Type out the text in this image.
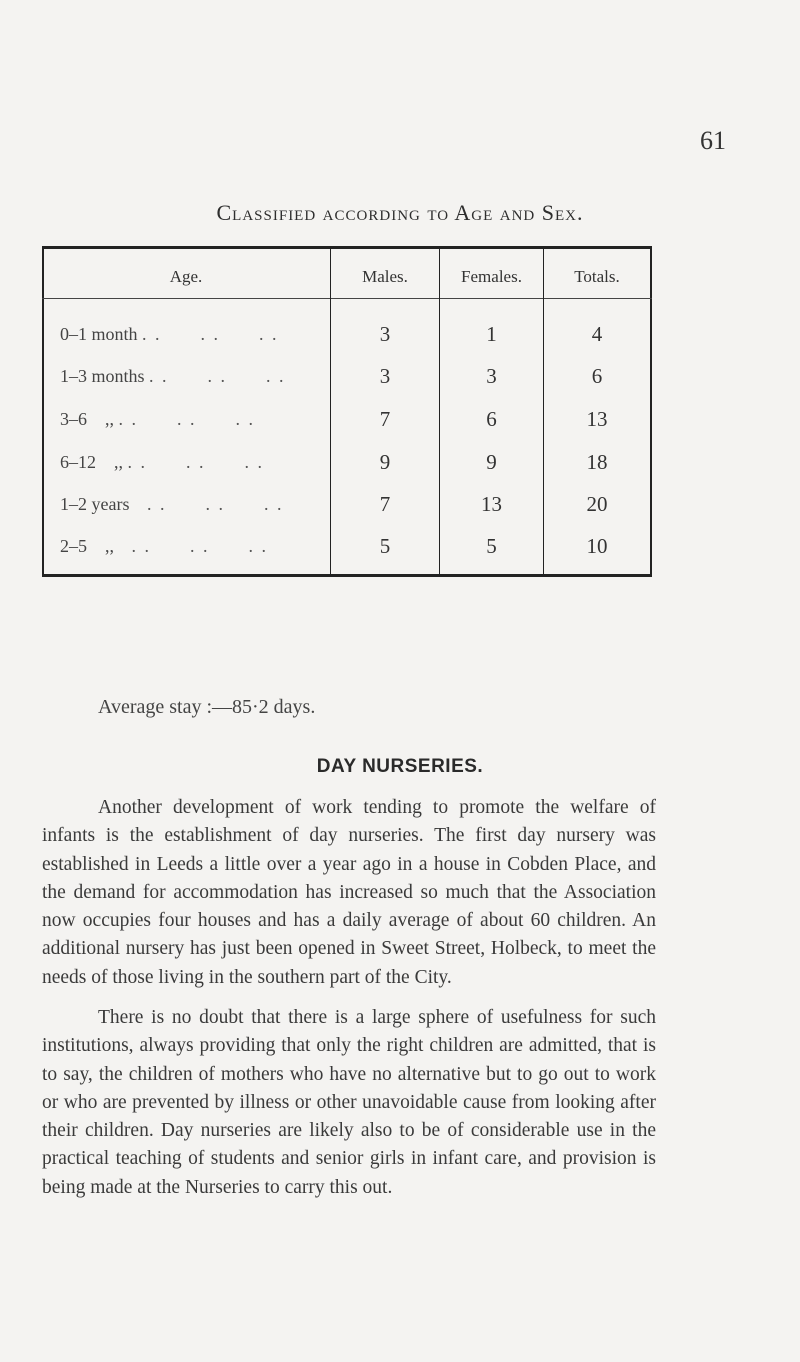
61
Classified according to Age and Sex.
Age.	Males.	Females.	Totals.
0–1 month . .      . .      . .	3	1	4
1–3 months . .      . .      . .	3	3	6
3–6    ,, . .      . .      . .	7	6	13
6–12    ,, . .      . .      . .	9	9	18
1–2 years   . .      . .      . .	7	13	20
2–5    ,,   . .      . .      . .	5	5	10
Average stay :—85·2 days.
DAY NURSERIES.

Another development of work tending to promote the welfare of infants is the establishment of day nurseries. The first day nursery was established in Leeds a little over a year ago in a house in Cobden Place, and the demand for accommodation has increased so much that the Association now occupies four houses and has a daily average of about 60 children. An additional nursery has just been opened in Sweet Street, Holbeck, to meet the needs of those living in the southern part of the City.

There is no doubt that there is a large sphere of usefulness for such institutions, always providing that only the right children are admitted, that is to say, the children of mothers who have no alternative but to go out to work or who are prevented by illness or other unavoidable cause from looking after their children. Day nurseries are likely also to be of considerable use in the practical teaching of students and senior girls in infant care, and provision is being made at the Nurseries to carry this out.
